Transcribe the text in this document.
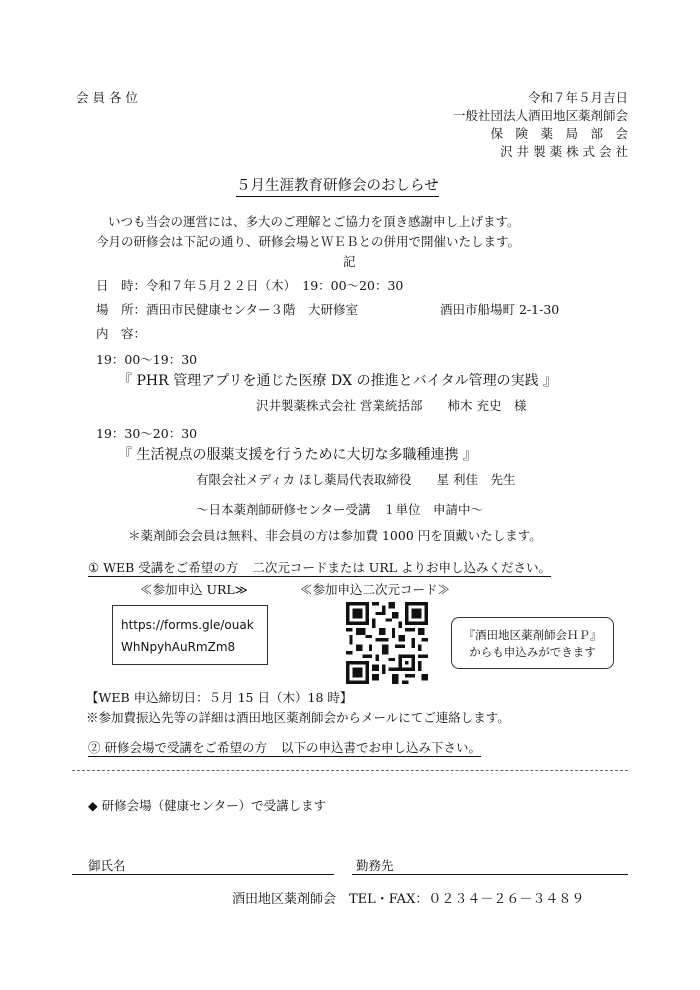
会 員 各 位	令和７年５月吉日
一般社団法人酒田地区薬剤師会
保　険　薬　局　部　会
沢 井 製 薬 株 式 会 社
５月生涯教育研修会のおしらせ
いつも当会の運営には、多大のご理解とご協力を頂き感謝申し上げます。
今月の研修会は下記の通り、研修会場とＷＥＢとの併用で開催いたします。
記
日　時：令和７年５月２２日（木）　19：00～20：30
場　所：酒田市民健康センター３階　大研修室	酒田市船場町 2-1-30
内　容：
19：00～19：30
『 PHR 管理アプリを通じた医療 DX の推進とバイタル管理の実践 』
沢井製薬株式会社 営業統括部　　柿木 充史　様
19：30～20：30
『 生活視点の服薬支援を行うために大切な多職種連携 』
有限会社メディカ ほし薬局代表取締役　　星 利佳　先生
～日本薬剤師研修センター受講　１単位　申請中～
＊薬剤師会会員は無料、非会員の方は参加費 1000 円を頂戴いたします。
① WEB 受講をご希望の方 二次元コードまたは URL よりお申し込みください。
≪参加申込 URL≫	≪参加申込二次元コード≫
https://forms.gle/ouak
WhNpyhAuRmZm8
『酒田地区薬剤師会ＨＰ』
からも申込みができます
【WEB 申込締切日：５月 15 日（木）18 時】
※参加費振込先等の詳細は酒田地区薬剤師会からメールにてご連絡します。
② 研修会場で受講をご希望の方 以下の申込書でお申し込み下さい。
◆ 研修会場（健康センター）で受講します
御氏名	勤務先
酒田地区薬剤師会　TEL・FAX：０２３４－２６－３４８９
